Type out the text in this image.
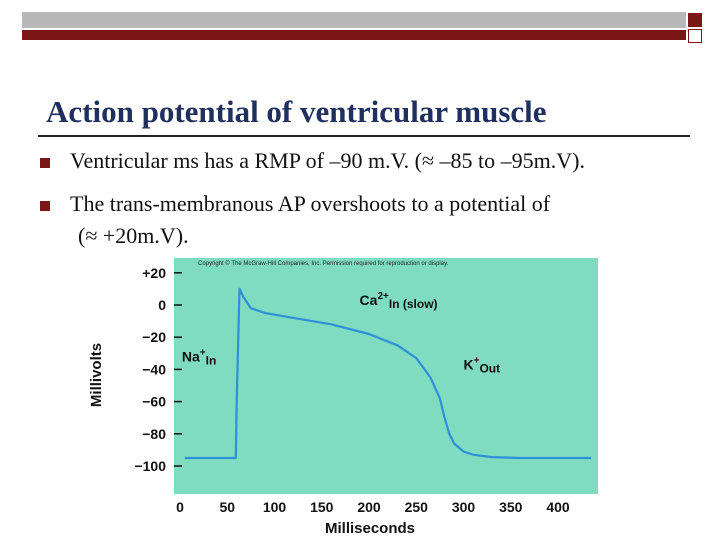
Action potential of ventricular muscle
Ventricular ms has a RMP of –90 m.V. (≈ –85 to –95m.V).
The trans-membranous AP overshoots to a potential of
(≈ +20m.V).
Copyright © The McGraw-Hill Companies, Inc. Permission required for reproduction or display.
+20
0
−20
−40
−60
−80
−100
0	50 100 150 200 250 300 350 400
Millivolts
Milliseconds
$Ca^{2+}In$ (slow)
Na+In	K+Out
